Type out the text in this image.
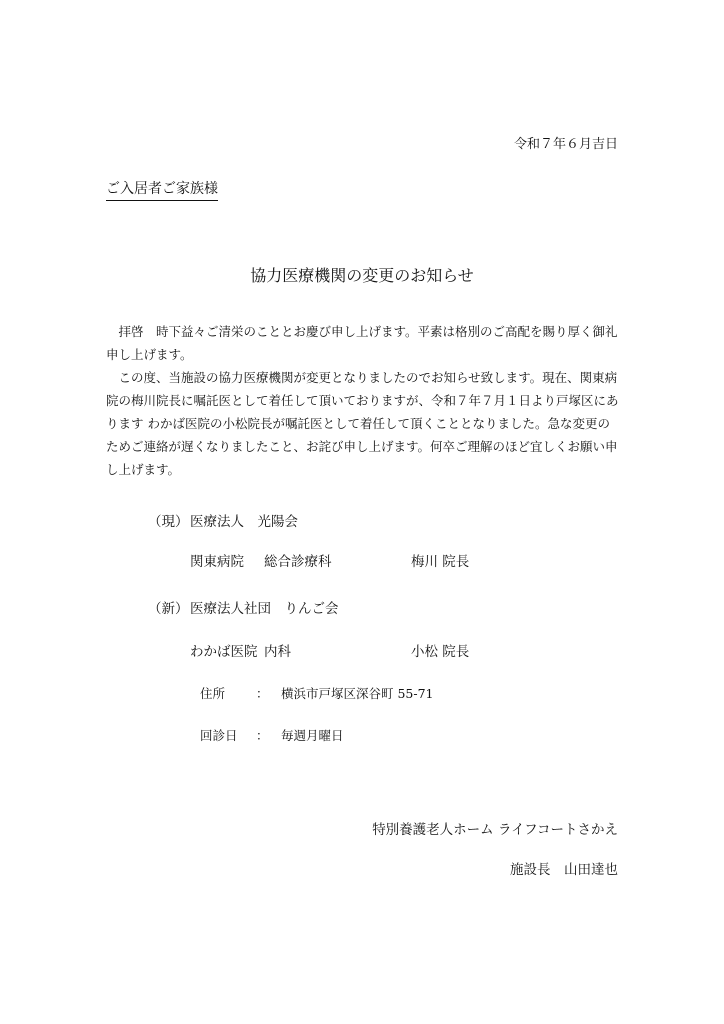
令和７年６月吉日
ご入居者ご家族様
協力医療機関の変更のお知らせ

拝啓　時下益々ご清栄のこととお慶び申し上げます。平素は格別のご高配を賜り厚く御礼申し上げます。

この度、当施設の協力医療機関が変更となりましたのでお知らせ致します。現在、関東病院の梅川院長に嘱託医として着任して頂いておりますが、令和７年７月１日より戸塚区にあります わかば医院の小松院長が嘱託医として着任して頂くこととなりました。急な変更のためご連絡が遅くなりましたこと、お詫び申し上げます。何卒ご理解のほど宜しくお願い申し上げます。

（現） 医療法人　光陽会
関東病院 総合診療科	梅川 院長
（新） 医療法人社団　りんご会
わかば医院 内科	小松 院長
住所 ： 横浜市戸塚区深谷町 55-71
回診日 ： 毎週月曜日
特別養護老人ホーム ライフコートさかえ
施設長　山田達也
